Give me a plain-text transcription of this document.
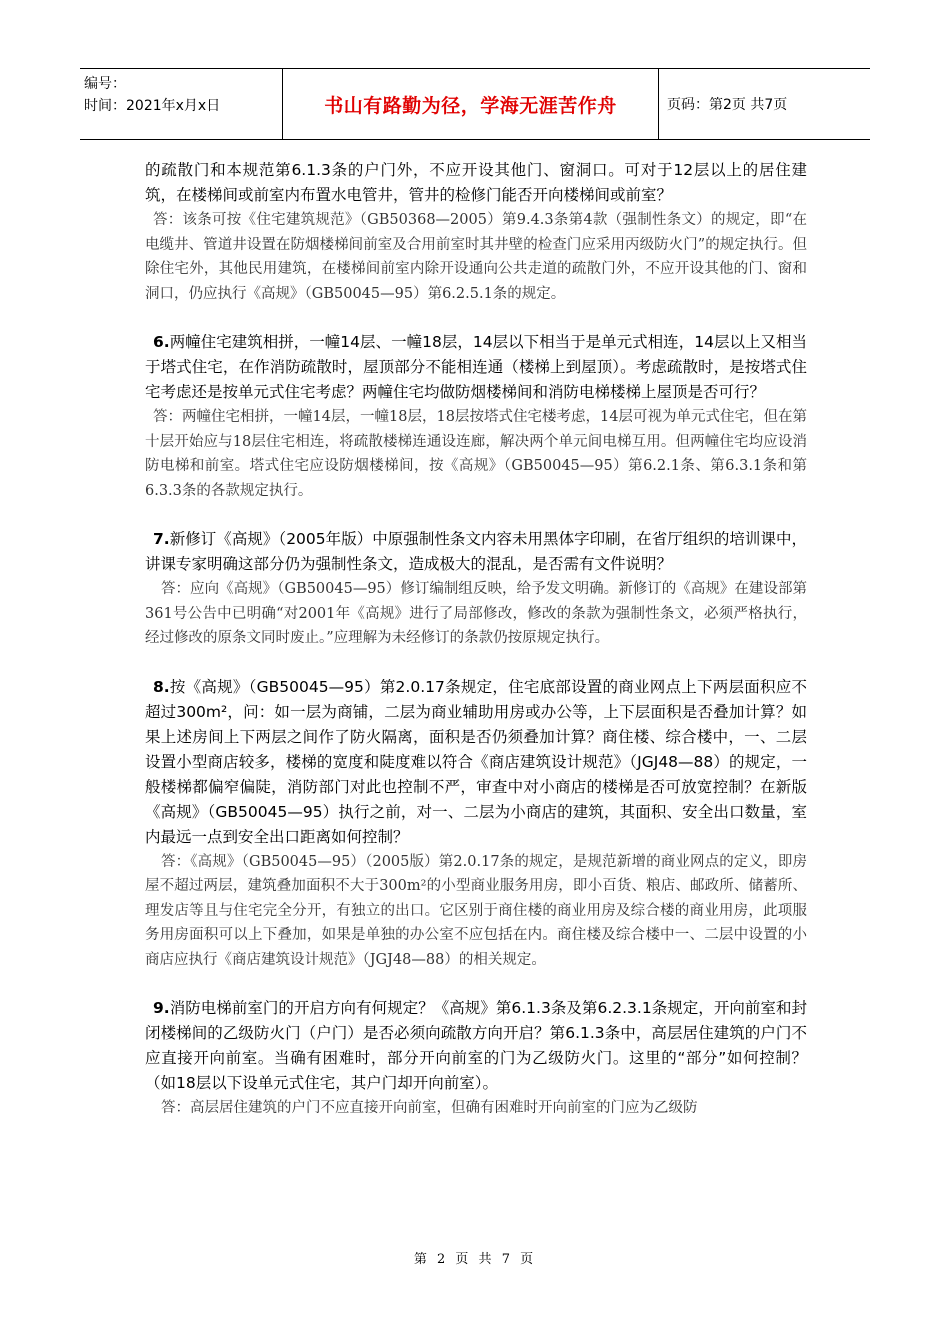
编号：
时间：2021年x月x日	书山有路勤为径，学海无涯苦作舟	页码：第2页 共7页

的疏散门和本规范第6.1.3条的户门外，不应开设其他门、窗洞口。可对于12层以上的居住建筑，在楼梯间或前室内布置水电管井，管井的检修门能否开向楼梯间或前室？

答：该条可按《住宅建筑规范》（GB50368—2005）第9.4.3条第4款（强制性条文）的规定，即“在电缆井、管道井设置在防烟楼梯间前室及合用前室时其井壁的检查门应采用丙级防火门”的规定执行。但除住宅外，其他民用建筑，在楼梯间前室内除开设通向公共走道的疏散门外，不应开设其他的门、窗和洞口，仍应执行《高规》（GB50045—95）第6.2.5.1条的规定。

6.两幢住宅建筑相拼，一幢14层、一幢18层，14层以下相当于是单元式相连，14层以上又相当于塔式住宅，在作消防疏散时，屋顶部分不能相连通（楼梯上到屋顶）。考虑疏散时，是按塔式住宅考虑还是按单元式住宅考虑？两幢住宅均做防烟楼梯间和消防电梯楼梯上屋顶是否可行？

答：两幢住宅相拼，一幢14层，一幢18层，18层按塔式住宅楼考虑，14层可视为单元式住宅，但在第十层开始应与18层住宅相连，将疏散楼梯连通设连廊，解决两个单元间电梯互用。但两幢住宅均应设消防电梯和前室。塔式住宅应设防烟楼梯间，按《高规》（GB50045—95）第6.2.1条、第6.3.1条和第6.3.3条的各款规定执行。

7.新修订《高规》（2005年版）中原强制性条文内容未用黑体字印刷，在省厅组织的培训课中，讲课专家明确这部分仍为强制性条文，造成极大的混乱，是否需有文件说明？

答：应向《高规》（GB50045—95）修订编制组反映，给予发文明确。新修订的《高规》在建设部第361号公告中已明确“对2001年《高规》进行了局部修改，修改的条款为强制性条文，必须严格执行，经过修改的原条文同时废止。”应理解为未经修订的条款仍按原规定执行。

8.按《高规》（GB50045—95）第2.0.17条规定，住宅底部设置的商业网点上下两层面积应不超过300m²，问：如一层为商铺，二层为商业辅助用房或办公等，上下层面积是否叠加计算？如果上述房间上下两层之间作了防火隔离，面积是否仍须叠加计算？商住楼、综合楼中，一、二层设置小型商店较多，楼梯的宽度和陡度难以符合《商店建筑设计规范》（JGJ48—88）的规定，一般楼梯都偏窄偏陡，消防部门对此也控制不严，审查中对小商店的楼梯是否可放宽控制？在新版《高规》（GB50045—95）执行之前，对一、二层为小商店的建筑，其面积、安全出口数量，室内最远一点到安全出口距离如何控制？

答：《高规》（GB50045—95）（2005版）第2.0.17条的规定，是规范新增的商业网点的定义，即房屋不超过两层，建筑叠加面积不大于300m²的小型商业服务用房，即小百货、粮店、邮政所、储蓄所、理发店等且与住宅完全分开，有独立的出口。它区别于商住楼的商业用房及综合楼的商业用房，此项服务用房面积可以上下叠加，如果是单独的办公室不应包括在内。商住楼及综合楼中一、二层中设置的小商店应执行《商店建筑设计规范》（JGJ48—88）的相关规定。

9.消防电梯前室门的开启方向有何规定？《高规》第6.1.3条及第6.2.3.1条规定，开向前室和封闭楼梯间的乙级防火门（户门）是否必须向疏散方向开启？第6.1.3条中，高层居住建筑的户门不应直接开向前室。当确有困难时，部分开向前室的门为乙级防火门。这里的“部分”如何控制？（如18层以下设单元式住宅，其户门却开向前室）。

答：高层居住建筑的户门不应直接开向前室，但确有困难时开向前室的门应为乙级防

第 2 页 共 7 页
